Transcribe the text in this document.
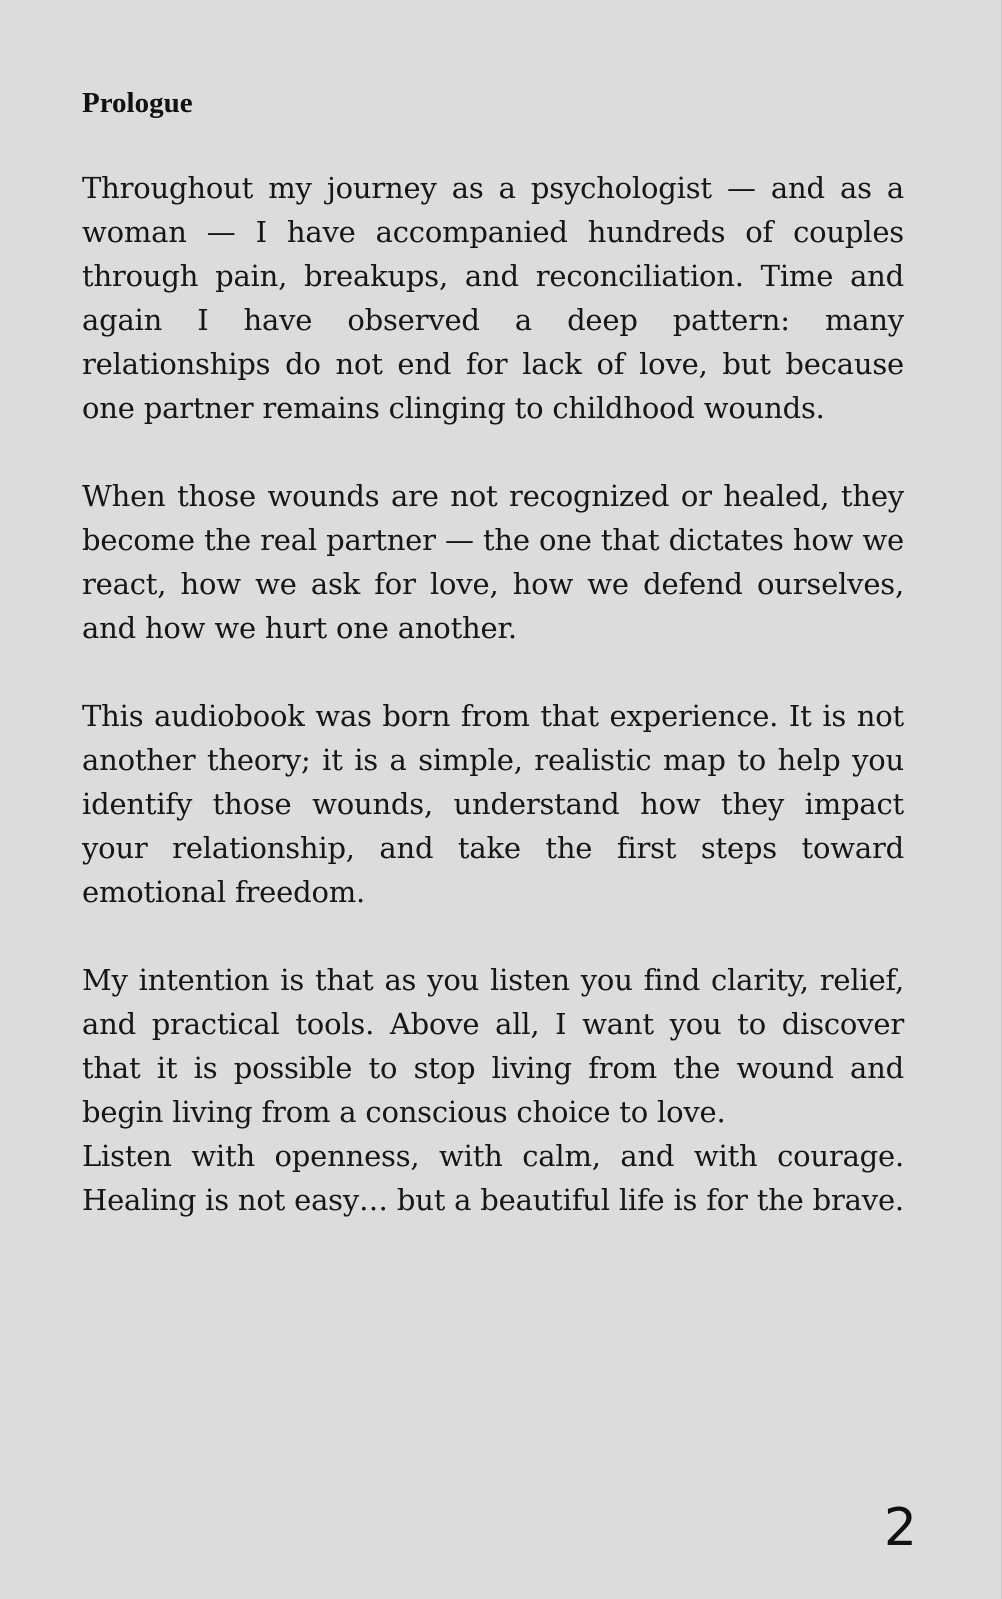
Prologue

Throughout my journey as a psychologist — and as a woman — I have accompanied hundreds of couples through pain, breakups, and reconciliation. Time and again I have observed a deep pattern: many relationships do not end for lack of love, but because one partner remains clinging to childhood wounds.

When those wounds are not recognized or healed, they become the real partner — the one that dictates how we react, how we ask for love, how we defend ourselves, and how we hurt one another.

This audiobook was born from that experience. It is not another theory; it is a simple, realistic map to help you identify those wounds, understand how they impact your relationship, and take the first steps toward emotional freedom.

My intention is that as you listen you find clarity, relief, and practical tools. Above all, I want you to discover that it is possible to stop living from the wound and begin living from a conscious choice to love.

Listen with openness, with calm, and with courage. Healing is not easy… but a beautiful life is for the brave.

2
